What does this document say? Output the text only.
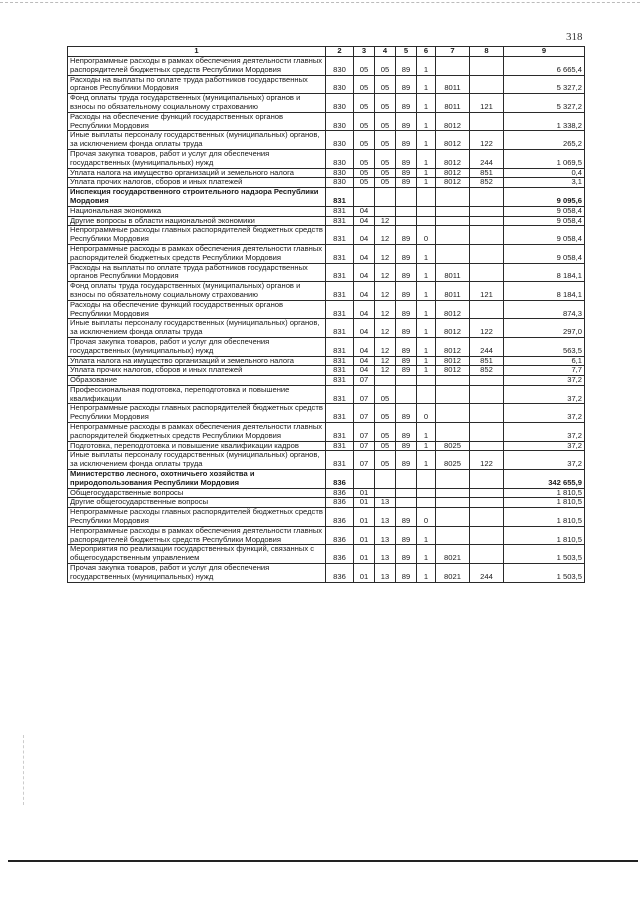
318
1	2	3	4	5	6	7	8	9
Непрограммные расходы в рамках обеспечения деятельности главных распорядителей бюджетных средств Республики Мордовия	830	05	05	89	1			6 665,4
Расходы на выплаты по оплате труда работников государственных органов Республики Мордовия	830	05	05	89	1	8011		5 327,2
Фонд оплаты труда государственных (муниципальных) органов и взносы по обязательному социальному страхованию	830	05	05	89	1	8011	121	5 327,2
Расходы на обеспечение функций государственных органов Республики Мордовия	830	05	05	89	1	8012		1 338,2
Иные выплаты персоналу государственных (муниципальных) органов, за исключением фонда оплаты труда	830	05	05	89	1	8012	122	265,2
Прочая закупка товаров, работ и услуг для обеспечения государственных (муниципальных) нужд	830	05	05	89	1	8012	244	1 069,5
Уплата налога на имущество организаций и земельного налога	830	05	05	89	1	8012	851	0,4
Уплата прочих налогов, сборов и иных платежей	830	05	05	89	1	8012	852	3,1
Инспекция государственного строительного надзора Республики Мордовия	831							9 095,6
Национальная экономика	831	04						9 058,4
Другие вопросы в области национальной экономики	831	04	12					9 058,4
Непрограммные расходы главных распорядителей бюджетных средств Республики Мордовия	831	04	12	89	0			9 058,4
Непрограммные расходы в рамках обеспечения деятельности главных распорядителей бюджетных средств Республики Мордовия	831	04	12	89	1			9 058,4
Расходы на выплаты по оплате труда работников государственных органов Республики Мордовия	831	04	12	89	1	8011		8 184,1
Фонд оплаты труда государственных (муниципальных) органов и взносы по обязательному социальному страхованию	831	04	12	89	1	8011	121	8 184,1
Расходы на обеспечение функций государственных органов Республики Мордовия	831	04	12	89	1	8012		874,3
Иные выплаты персоналу государственных (муниципальных) органов, за исключением фонда оплаты труда	831	04	12	89	1	8012	122	297,0
Прочая закупка товаров, работ и услуг для обеспечения государственных (муниципальных) нужд	831	04	12	89	1	8012	244	563,5
Уплата налога на имущество организаций и земельного налога	831	04	12	89	1	8012	851	6,1
Уплата прочих налогов, сборов и иных платежей	831	04	12	89	1	8012	852	7,7
Образование	831	07						37,2
Профессиональная подготовка, переподготовка и повышение квалификации	831	07	05					37,2
Непрограммные расходы главных распорядителей бюджетных средств Республики Мордовия	831	07	05	89	0			37,2
Непрограммные расходы в рамках обеспечения деятельности главных распорядителей бюджетных средств Республики Мордовия	831	07	05	89	1			37,2
Подготовка, переподготовка и повышение квалификации кадров	831	07	05	89	1	8025		37,2
Иные выплаты персоналу государственных (муниципальных) органов, за исключением фонда оплаты труда	831	07	05	89	1	8025	122	37,2
Министерство лесного, охотничьего хозяйства и природопользования Республики Мордовия	836							342 655,9
Общегосударственные вопросы	836	01						1 810,5
Другие общегосударственные вопросы	836	01	13					1 810,5
Непрограммные расходы главных распорядителей бюджетных средств Республики Мордовия	836	01	13	89	0			1 810,5
Непрограммные расходы в рамках обеспечения деятельности главных распорядителей бюджетных средств Республики Мордовия	836	01	13	89	1			1 810,5
Мероприятия по реализации государственных функций, связанных с общегосударственным управлением	836	01	13	89	1	8021		1 503,5
Прочая закупка товаров, работ и услуг для обеспечения государственных (муниципальных) нужд	836	01	13	89	1	8021	244	1 503,5
